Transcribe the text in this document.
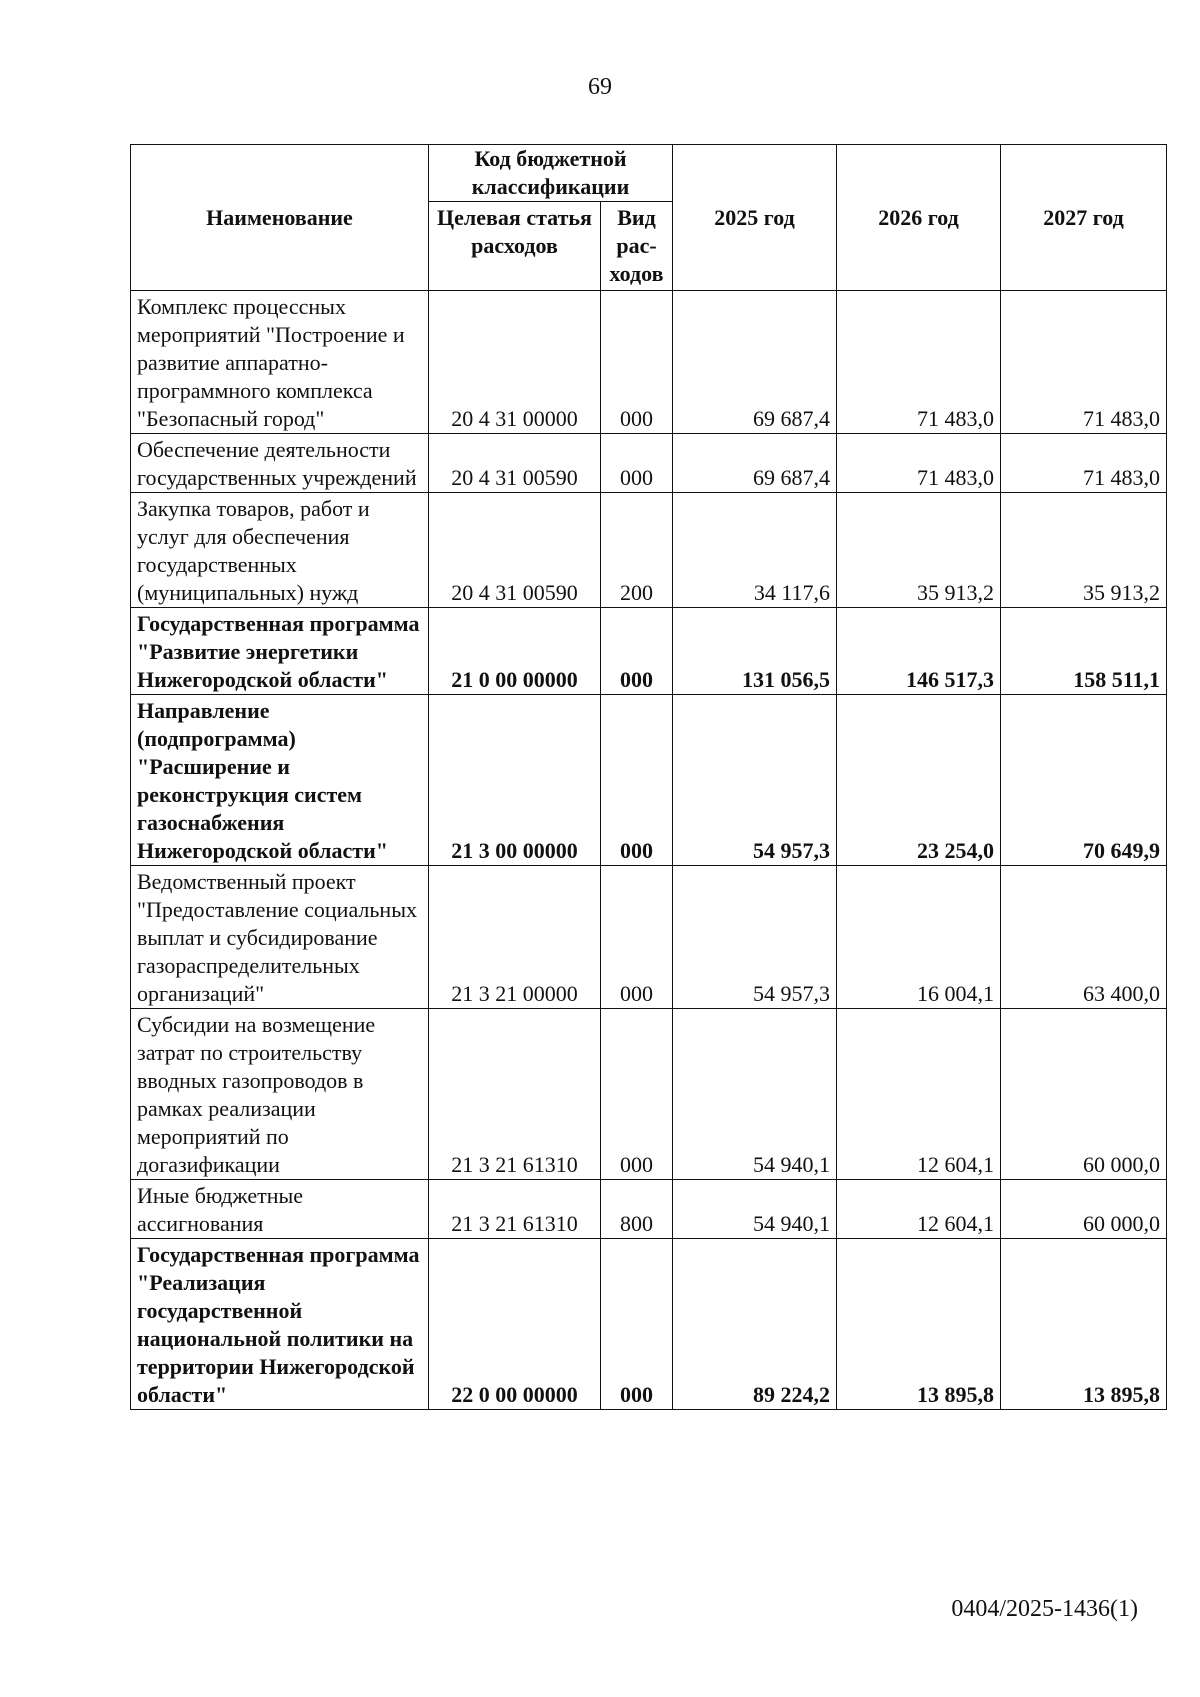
69
Наименование	Код бюджетной классификации		2025 год	2026 год	2027 год
	Целевая статья расходов	Вид рас-ходов			
Комплекс процессных мероприятий "Построение и развитие аппаратно-программного комплекса "Безопасный город"	20 4 31 00000	000	69 687,4	71 483,0	71 483,0
Обеспечение деятельности государственных учреждений	20 4 31 00590	000	69 687,4	71 483,0	71 483,0
Закупка товаров, работ и услуг для обеспечения государственных (муниципальных) нужд	20 4 31 00590	200	34 117,6	35 913,2	35 913,2
Государственная программа "Развитие энергетики Нижегородской области"	21 0 00 00000	000	131 056,5	146 517,3	158 511,1
Направление (подпрограмма) "Расширение и реконструкция систем газоснабжения Нижегородской области"	21 3 00 00000	000	54 957,3	23 254,0	70 649,9
Ведомственный проект "Предоставление социальных выплат и субсидирование газораспределительных организаций"	21 3 21 00000	000	54 957,3	16 004,1	63 400,0
Субсидии на возмещение затрат по строительству вводных газопроводов в рамках реализации мероприятий по догазификации	21 3 21 61310	000	54 940,1	12 604,1	60 000,0
Иные бюджетные ассигнования	21 3 21 61310	800	54 940,1	12 604,1	60 000,0
Государственная программа "Реализация государственной национальной политики на территории Нижегородской области"	22 0 00 00000	000	89 224,2	13 895,8	13 895,8
0404/2025-1436(1)
